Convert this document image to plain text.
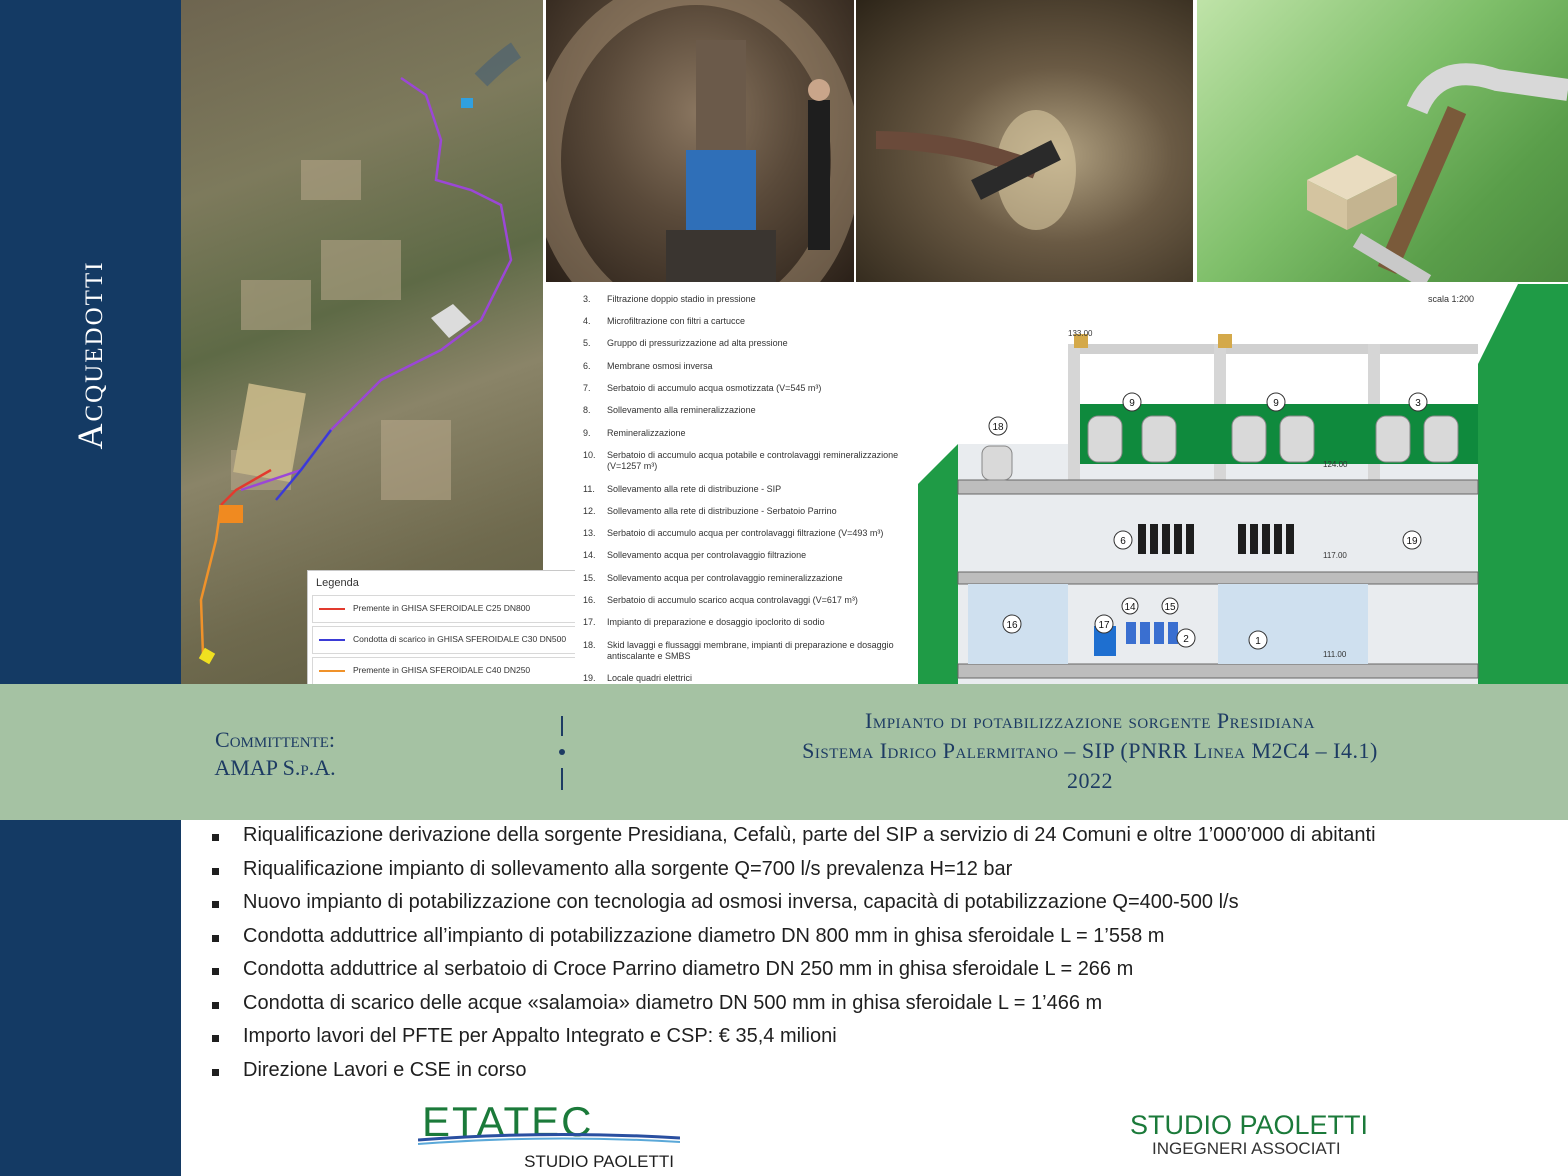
Acquedotti
Legenda
Premente in GHISA SFEROIDALE C25 DN800
Condotta di scarico in GHISA SFEROIDALE C30 DN500
Premente in GHISA SFEROIDALE C40 DN250
3.	Filtrazione doppio stadio in pressione
4.	Microfiltrazione con filtri a cartucce
5.	Gruppo di pressurizzazione ad alta pressione
6.	Membrane osmosi inversa
7.	Serbatoio di accumulo acqua osmotizzata (V=545 m³)
8.	Sollevamento alla remineralizzazione
9.	Remineralizzazione
10.	Serbatoio di accumulo acqua potabile e controlavaggi remineralizzazione (V=1257 m³)
11.	Sollevamento alla rete di distribuzione - SIP
12.	Sollevamento alla rete di distribuzione - Serbatoio Parrino
13.	Serbatoio di accumulo acqua per controlavaggi filtrazione (V=493 m³)
14.	Sollevamento acqua per controlavaggio filtrazione
15.	Sollevamento acqua per controlavaggio remineralizzazione
16.	Serbatoio di accumulo scarico acqua controlavaggi (V=617 m³)
17.	Impianto di preparazione e dosaggio ipoclorito di sodio
18.	Skid lavaggi e flussaggi membrane, impianti di preparazione e dosaggio antiscalante e SMBS
19.	Locale quadri elettrici
scala 1:200
133.00
124.00
117.00
111.00
18
9	9	3
6	19
16	17
14	15
2	1
Committente:
AMAP S.p.A.
Impianto di potabilizzazione sorgente Presidiana
Sistema Idrico Palermitano – SIP (PNRR Linea M2C4 – I4.1)
2022
Riqualificazione derivazione della sorgente Presidiana, Cefalù, parte del SIP a servizio di 24 Comuni e oltre 1’000’000 di abitanti
Riqualificazione impianto di sollevamento alla sorgente Q=700 l/s prevalenza H=12 bar
Nuovo impianto di potabilizzazione con tecnologia ad osmosi inversa, capacità di potabilizzazione Q=400-500 l/s
Condotta adduttrice all’impianto di potabilizzazione diametro DN 800 mm in ghisa sferoidale L = 1’558 m
Condotta adduttrice al serbatoio di Croce Parrino diametro DN 250 mm in ghisa sferoidale L = 266 m
Condotta di scarico delle acque «salamoia» diametro DN 500 mm in ghisa sferoidale L = 1’466 m
Importo lavori del PFTE per Appalto Integrato e CSP: € 35,4 milioni
Direzione Lavori e CSE in corso
ETATEC
STUDIO PAOLETTI
STUDIO PAOLETTI
INGEGNERI ASSOCIATI
